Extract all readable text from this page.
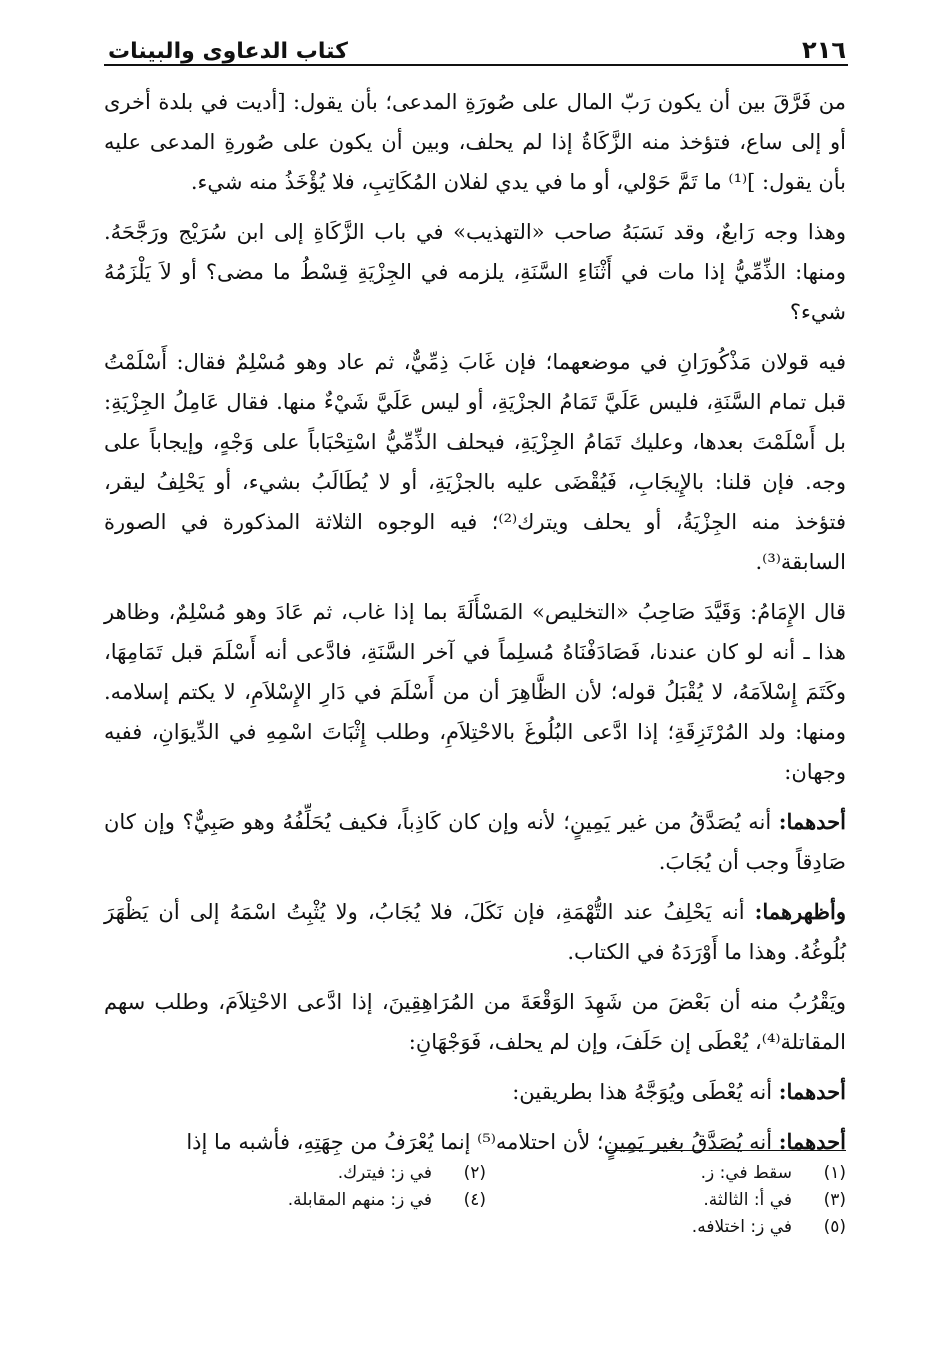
٢١٦
كتاب الدعاوى والبينات

من فَرَّقَ بين أن يكون رَبّ المال على صُورَةِ المدعى؛ بأن يقول: [أديت في بلدة أخرى أو إلى ساع، فتؤخذ منه الزَّكَاةُ إذا لم يحلف، وبين أن يكون على صُورةِ المدعى عليه بأن يقول: ]⁽¹⁾ ما تَمَّ حَوْلي، أو ما في يدي لفلان المُكَاتِبِ، فلا يُؤْخَذُ منه شيء.

وهذا وجه رَابعٌ، وقد نَسَبَهُ صاحب «التهذيب» في باب الزَّكَاةِ إلى ابن سُرَيْج ورَجَّحَهُ. ومنها: الذِّمِّيُّ إذا مات في أَثْنَاءِ السَّنَةِ، يلزمه في الجِزْيَةِ قِسْطُ ما مضى؟ أو لاَ يَلْزَمُهُ شيء؟

فيه قولان مَذْكُورَانِ في موضعهما؛ فإن غَابَ ذِمِّيٌّ، ثم عاد وهو مُسْلِمٌ فقال: أَسْلَمْتُ قبل تمام السَّنَةِ، فليس عَلَيَّ تَمَامُ الجزْيَةِ، أو ليس عَلَيَّ شَيْءٌ منها. فقال عَامِلُ الجِزْيَةِ: بل أَسْلَمْتَ بعدها، وعليك تَمَامُ الجِزْيَةِ، فيحلف الذِّمِّيُّ اسْتِحْبَاباً على وَجْهٍ، وإيجاباً على وجه. فإن قلنا: بالإِيجَابِ، فَيُقْضَى عليه بالجزْيَةِ، أو لا يُطَالَبُ بشيء، أو يَحْلِفُ ليقر، فتؤخذ منه الجِزْيَةُ، أو يحلف ويترك⁽²⁾؛ فيه الوجوه الثلاثة المذكورة في الصورة السابقة⁽³⁾.

قال الإِمَامُ: وَقَيَّدَ صَاحِبُ «التخليص» المَسْأَلَةَ بما إذا غاب، ثم عَادَ وهو مُسْلِمٌ، وظاهر هذا ـ أنه لو كان عندنا، فَصَادَفْنَاهُ مُسلِماً في آخر السَّنَةِ، فادَّعى أنه أَسْلَمَ قبل تَمَامِهَا، وكَتَمَ إِسْلاَمَهُ، لا يُقْبَلُ قوله؛ لأن الظَّاهِرَ أن من أَسْلَمَ في دَارِ الإِسْلاَمِ، لا يكتم إسلامه. ومنها: ولد المُرْتَزِقَةِ؛ إذا ادَّعى البُلُوغَ بالاحْتِلاَمِ، وطلب إِثْبَاتَ اسْمِهِ في الدِّيوَانِ، ففيه وجهان:

أحدهما: أنه يُصَدَّقُ من غير يَمِينٍ؛ لأنه وإن كان كَاذِباً، فكيف يُحَلِّفُهُ وهو صَبِيٌّ؟ وإن كان صَادِقاً وجب أن يُجَابَ.

وأظهرهما: أنه يَحْلِفُ عند التُّهْمَةِ، فإن نَكَلَ، فلا يُجَابُ، ولا يُثْبِتُ اسْمَهُ إلى أن يَظْهَرَ بُلُوغُهُ. وهذا ما أَوْرَدَهُ في الكتاب.

ويَقْرُبُ منه أن بَعْضَ من شَهِدَ الوَقْعَةَ من المُرَاهِقِينَ، إذا ادَّعى الاحْتِلاَمَ، وطلب سهم المقاتلة⁽⁴⁾، يُعْطَى إن حَلَفَ، وإن لم يحلف، فَوَجْهَانِ:

أحدهما: أنه يُعْطَى ويُوَجَّهُ هذا بطريقين:

أحدهما: أنه يُصَدَّقُ بغير يَمِينٍ؛ لأن احتلامه⁽⁵⁾ إنما يُعْرَفُ من جِهَتِهِ، فأشبه ما إذا

(١)
سقط في: ز.
(٢)
في ز: فيترك.
(٣)
في أ: الثالثة.
(٤)
في ز: منهم المقابلة.
(٥)
في ز: اختلافه.
